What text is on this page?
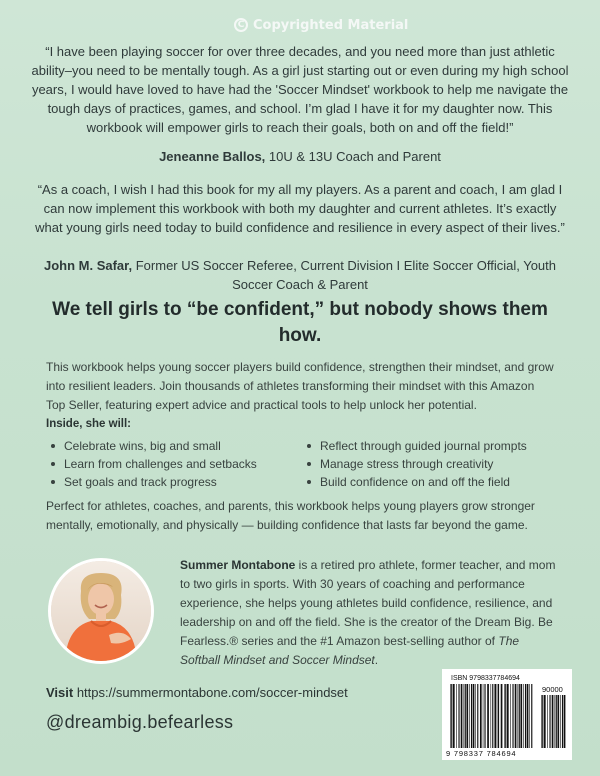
C Copyrighted Material
“I have been playing soccer for over three decades, and you need more than just athletic ability–you need to be mentally tough. As a girl just starting out or even during my high school years, I would have loved to have had the 'Soccer Mindset' workbook to help me navigate the tough days of practices, games, and school. I’m glad I have it for my daughter now. This workbook will empower girls to reach their goals, both on and off the field!”
Jeneanne Ballos, 10U & 13U Coach and Parent
“As a coach, I wish I had this book for my all my players. As a parent and coach, I am glad I can now implement this workbook with both my daughter and current athletes. It’s exactly what young girls need today to build confidence and resilience in every aspect of their lives.”
John M. Safar, Former US Soccer Referee, Current Division I Elite Soccer Official, Youth Soccer Coach & Parent
We tell girls to “be confident,” but nobody shows them how.
This workbook helps young soccer players build confidence, strengthen their mindset, and grow into resilient leaders. Join thousands of athletes transforming their mindset with this Amazon Top Seller, featuring expert advice and practical tools to help unlock her potential.
Inside, she will:
Celebrate wins, big and small
Learn from challenges and setbacks
Set goals and track progress
Reflect through guided journal prompts
Manage stress through creativity
Build confidence on and off the field
Perfect for athletes, coaches, and parents, this workbook helps young players grow stronger mentally, emotionally, and physically — building confidence that lasts far beyond the game.
Summer Montabone is a retired pro athlete, former teacher, and mom to two girls in sports. With 30 years of coaching and performance experience, she helps young athletes build confidence, resilience, and leadership on and off the field. She is the creator of the Dream Big. Be Fearless.® series and the #1 Amazon best-selling author of The Softball Mindset and Soccer Mindset.
Visit https://summermontabone.com/soccer-mindset
@dreambig.befearless
ISBN 9798337784694
90000
9 798337 784694
